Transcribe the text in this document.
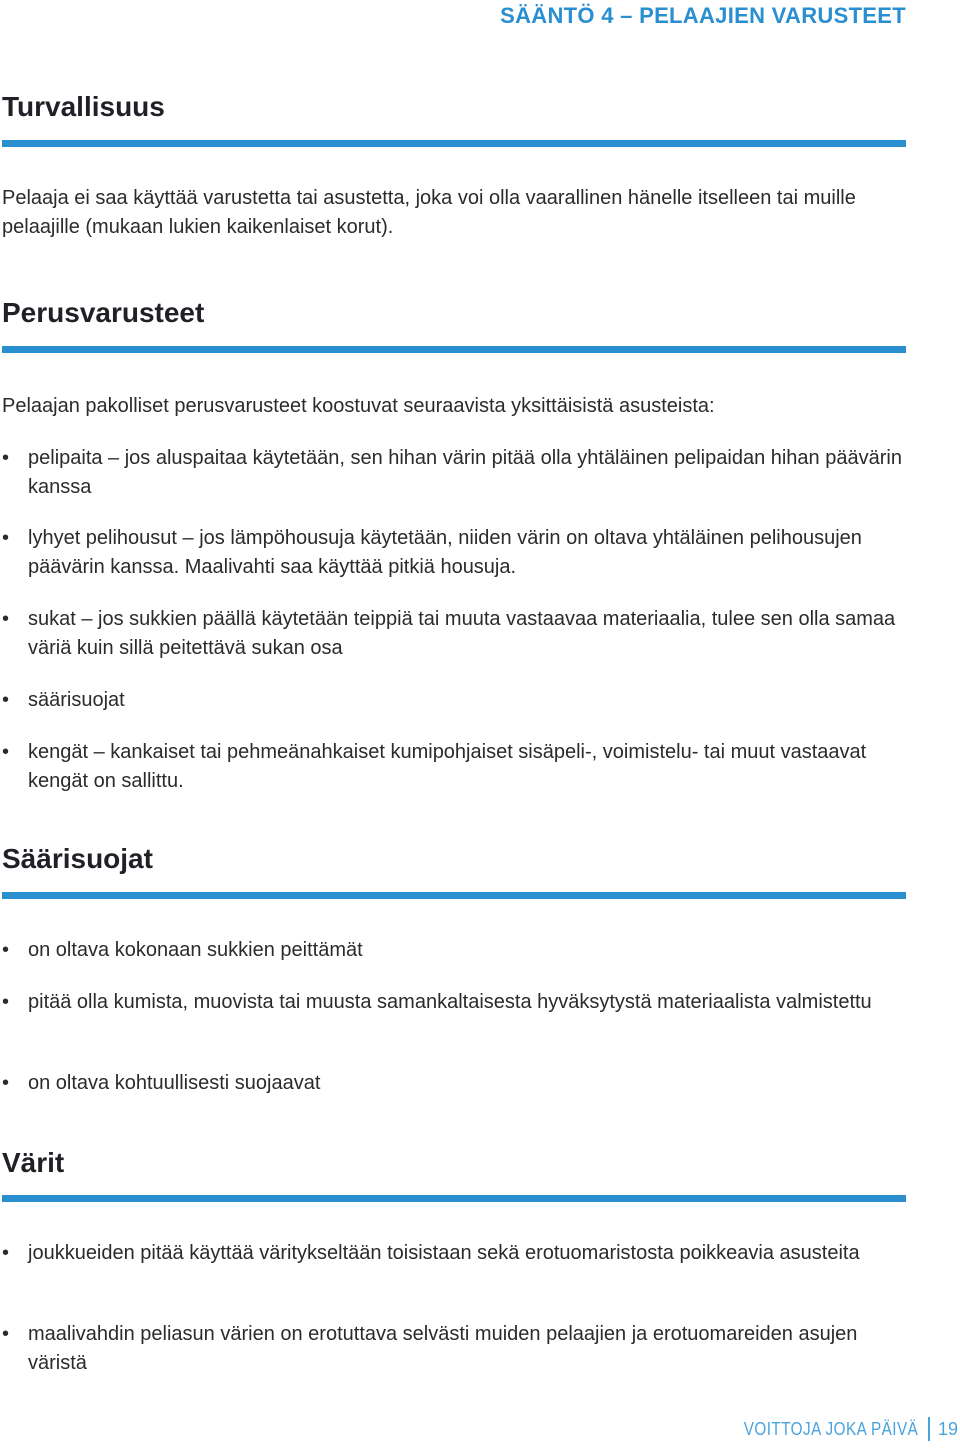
SÄÄNTÖ 4 – PELAAJIEN VARUSTEET
Turvallisuus
Pelaaja ei saa käyttää varustetta tai asustetta, joka voi olla vaarallinen hänelle itselleen tai muille pelaajille (mukaan lukien kaikenlaiset korut).
Perusvarusteet
Pelaajan pakolliset perusvarusteet koostuvat seuraavista yksittäisistä asusteista:
• pelipaita – jos aluspaitaa käytetään, sen hihan värin pitää olla yhtäläinen pelipaidan hihan päävärin kanssa
• lyhyet pelihousut – jos lämpöhousuja käytetään, niiden värin on oltava yhtäläinen pelihousujen päävärin kanssa. Maalivahti saa käyttää pitkiä housuja.
• sukat – jos sukkien päällä käytetään teippiä tai muuta vastaavaa materiaalia, tulee sen olla samaa väriä kuin sillä peitettävä sukan osa
• säärisuojat
• kengät – kankaiset tai pehmeänahkaiset kumipohjaiset sisäpeli-, voimistelu- tai muut vastaavat kengät on sallittu.
Säärisuojat
• on oltava kokonaan sukkien peittämät
• pitää olla kumista, muovista tai muusta samankaltaisesta hyväksytystä materiaalista valmistettu
• on oltava kohtuullisesti suojaavat
Värit
• joukkueiden pitää käyttää väritykseltään toisistaan sekä erotuomaristosta poikkeavia asusteita
• maalivahdin peliasun värien on erotuttava selvästi muiden pelaajien ja erotuomareiden asujen väristä
VOITTOJA JOKA PÄIVÄ 19
